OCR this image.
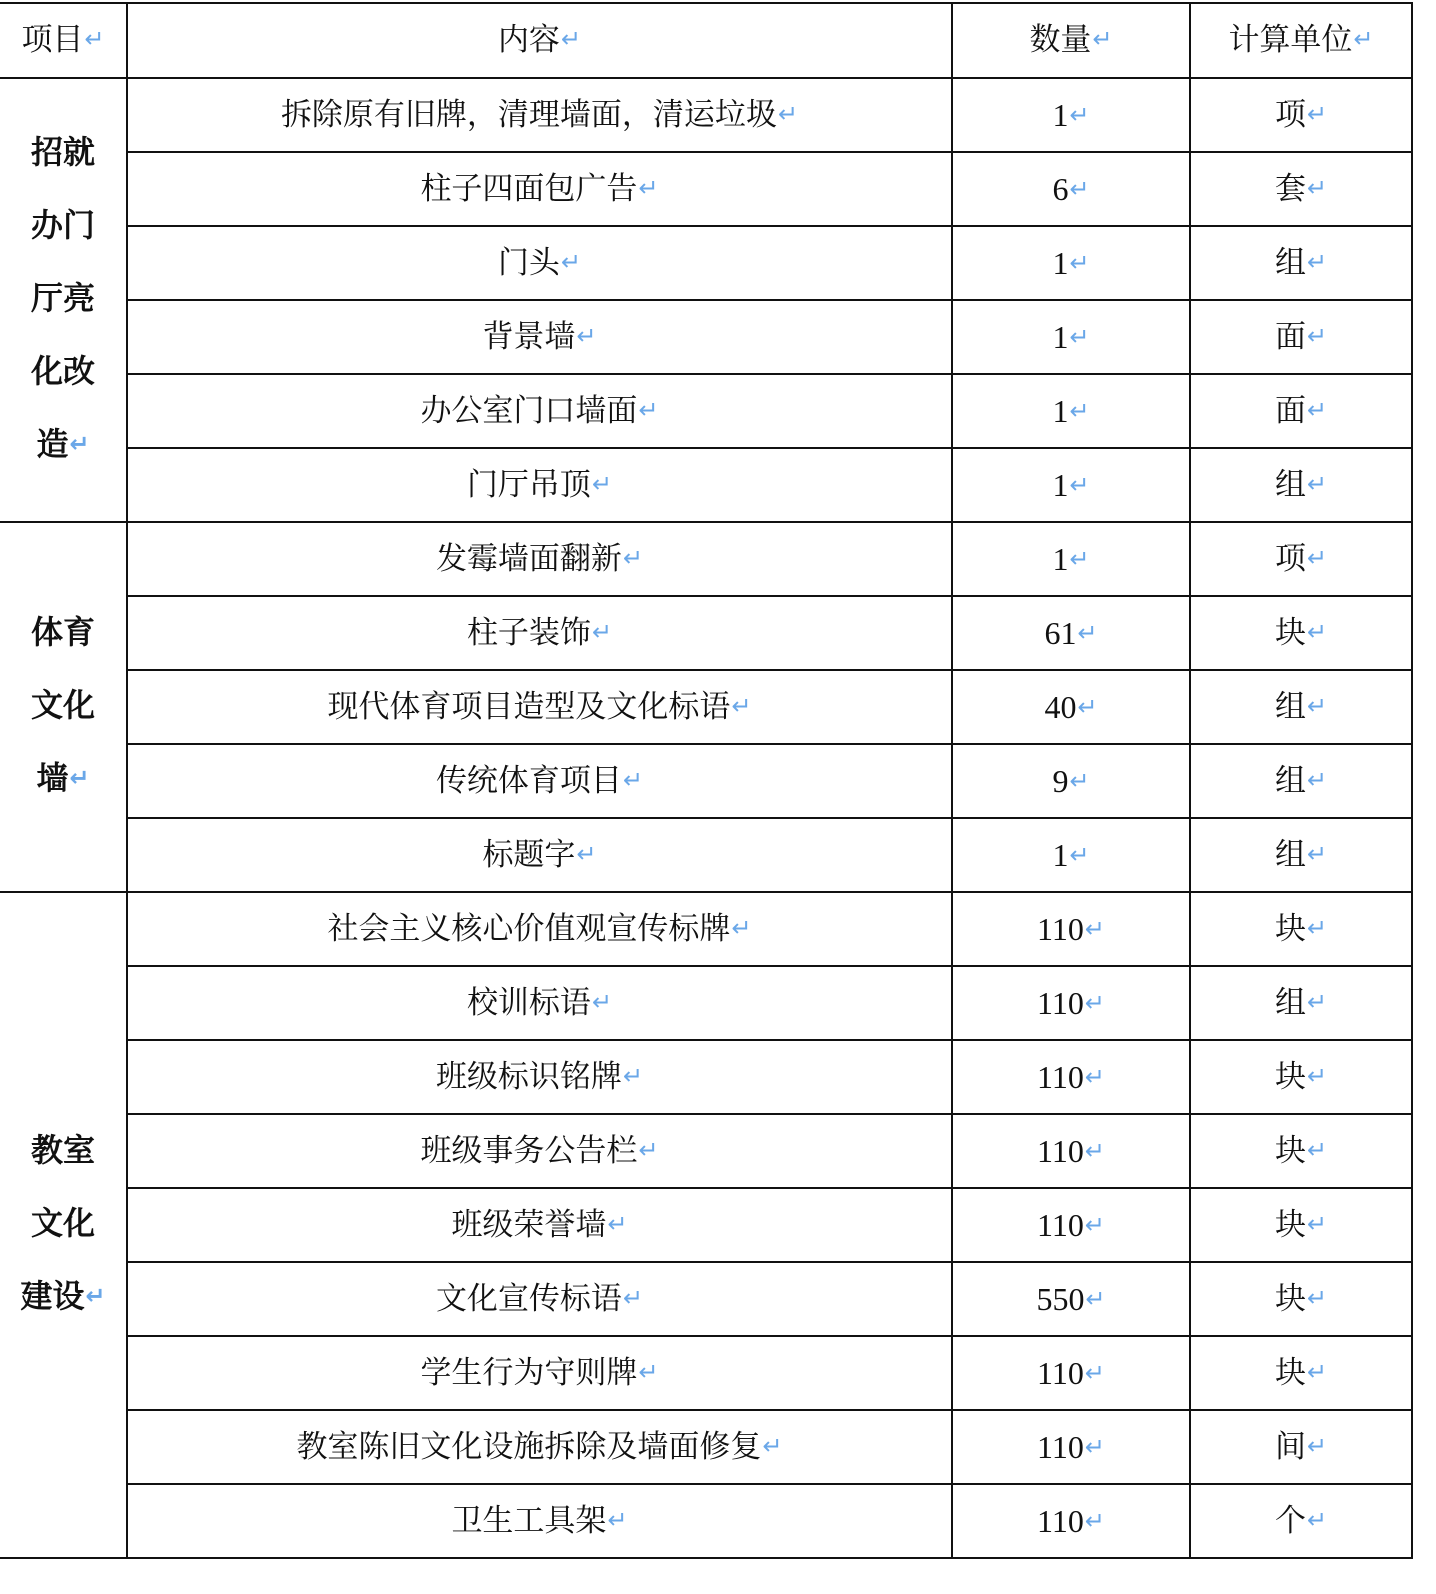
项目↵	内容↵	数量↵	计算单位↵

招就
办门
厅亮
化改
造↵	拆除原有旧牌，清理墙面，清运垃圾↵	1↵	项↵
	柱子四面包广告↵	6↵	套↵
	门头↵	1↵	组↵
	背景墙↵	1↵	面↵
	办公室门口墙面↵	1↵	面↵
	门厅吊顶↵	1↵	组↵

体育
文化
墙↵	发霉墙面翻新↵	1↵	项↵
	柱子装饰↵	61↵	块↵
	现代体育项目造型及文化标语↵	40↵	组↵
	传统体育项目↵	9↵	组↵
	标题字↵	1↵	组↵

教室
文化
建设↵	社会主义核心价值观宣传标牌↵	110↵	块↵
	校训标语↵	110↵	组↵
	班级标识铭牌↵	110↵	块↵
	班级事务公告栏↵	110↵	块↵
	班级荣誉墙↵	110↵	块↵
	文化宣传标语↵	550↵	块↵
	学生行为守则牌↵	110↵	块↵
	教室陈旧文化设施拆除及墙面修复↵	110↵	间↵
	卫生工具架↵	110↵	个↵
